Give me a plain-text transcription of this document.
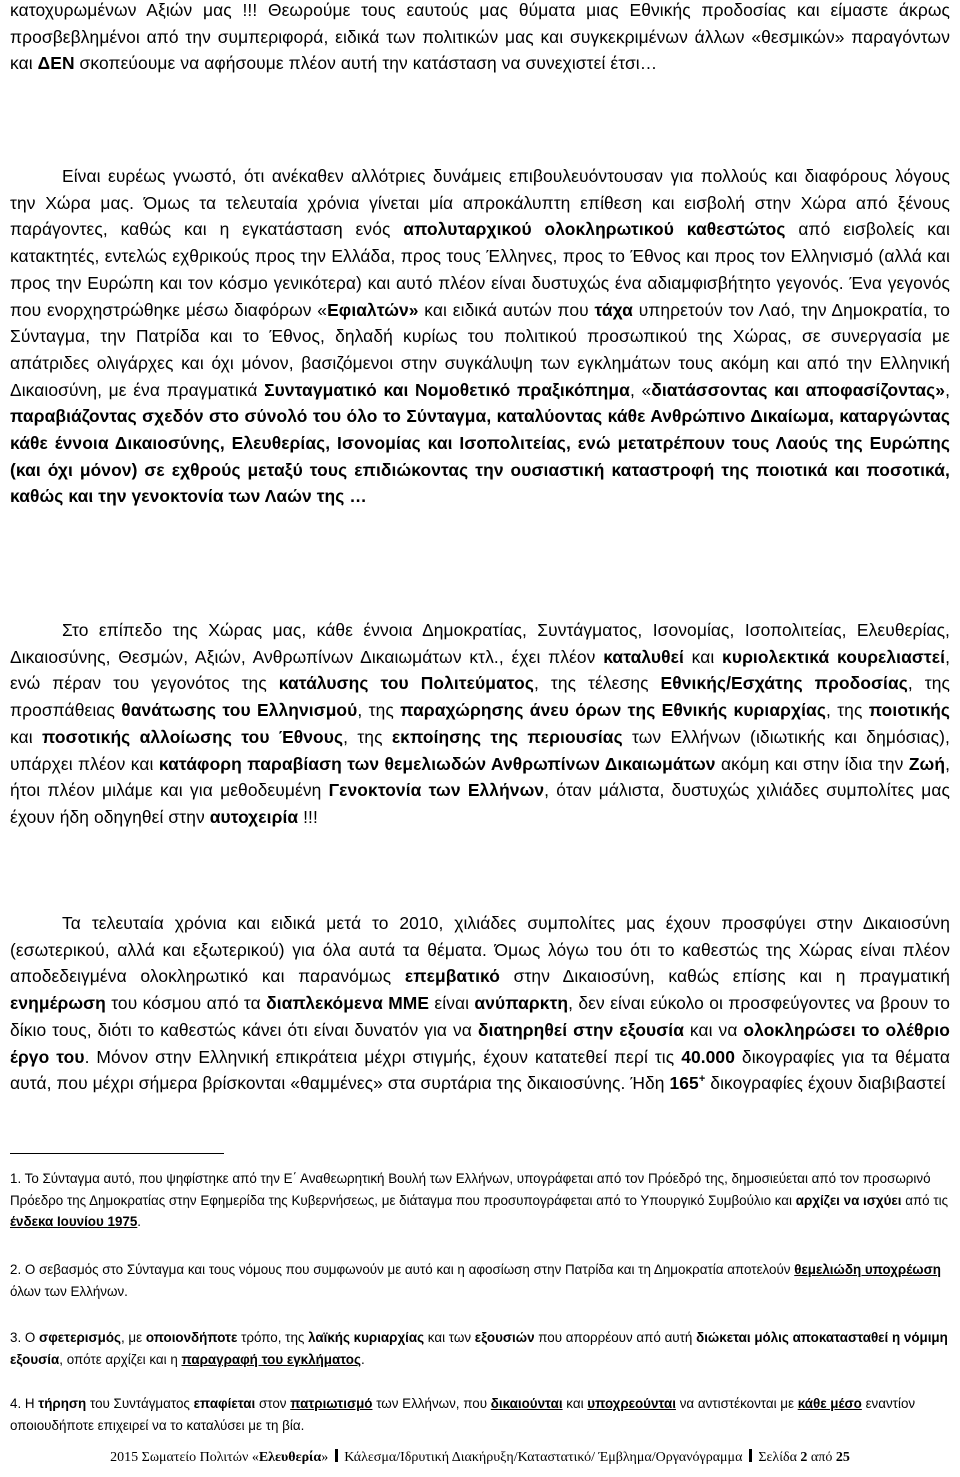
κατοχυρωμένων Αξιών μας !!! Θεωρούμε τους εαυτούς μας θύματα μιας Εθνικής προδοσίας και είμαστε άκρως προσβεβλημένοι από την συμπεριφορά, ειδικά των πολιτικών μας και συγκεκριμένων άλλων «θεσμικών» παραγόντων και ΔΕΝ σκοπεύουμε να αφήσουμε πλέον αυτή την κατάσταση να συνεχιστεί έτσι…

Είναι ευρέως γνωστό, ότι ανέκαθεν αλλότριες δυνάμεις επιβουλευόντουσαν για πολλούς και διαφόρους λόγους την Χώρα μας. Όμως τα τελευταία χρόνια γίνεται μία απροκάλυπτη επίθεση και εισβολή στην Χώρα από ξένους παράγοντες, καθώς και η εγκατάσταση ενός απολυταρχικού ολοκληρωτικού καθεστώτος από εισβολείς και κατακτητές, εντελώς εχθρικούς προς την Ελλάδα, προς τους Έλληνες, προς το Έθνος και προς τον Ελληνισμό (αλλά και προς την Ευρώπη και τον κόσμο γενικότερα) και αυτό πλέον είναι δυστυχώς ένα αδιαμφισβήτητο γεγονός. Ένα γεγονός που ενορχηστρώθηκε μέσω διαφόρων «Εφιαλτών» και ειδικά αυτών που τάχα υπηρετούν τον Λαό, την Δημοκρατία, το Σύνταγμα, την Πατρίδα και το Έθνος, δηλαδή κυρίως του πολιτικού προσωπικού της Χώρας, σε συνεργασία με απάτριδες ολιγάρχες και όχι μόνον, βασιζόμενοι στην συγκάλυψη των εγκλημάτων τους ακόμη και από την Ελληνική Δικαιοσύνη, με ένα πραγματικά Συνταγματικό και Νομοθετικό πραξικόπημα, «διατάσσοντας και αποφασίζοντας», παραβιάζοντας σχεδόν στο σύνολό του όλο το Σύνταγμα, καταλύοντας κάθε Ανθρώπινο Δικαίωμα, καταργώντας κάθε έννοια Δικαιοσύνης, Ελευθερίας, Ισονομίας και Ισοπολιτείας, ενώ μετατρέπουν τους Λαούς της Ευρώπης (και όχι μόνον) σε εχθρούς μεταξύ τους επιδιώκοντας την ουσιαστική καταστροφή της ποιοτικά και ποσοτικά, καθώς και την γενοκτονία των Λαών της …

Στο επίπεδο της Χώρας μας, κάθε έννοια Δημοκρατίας, Συντάγματος, Ισονομίας, Ισοπολιτείας, Ελευθερίας, Δικαιοσύνης, Θεσμών, Αξιών, Ανθρωπίνων Δικαιωμάτων κτλ., έχει πλέον καταλυθεί και κυριολεκτικά κουρελιαστεί, ενώ πέραν του γεγονότος της κατάλυσης του Πολιτεύματος, της τέλεσης Εθνικής/Εσχάτης προδοσίας, της προσπάθειας θανάτωσης του Ελληνισμού, της παραχώρησης άνευ όρων της Εθνικής κυριαρχίας, της ποιοτικής και ποσοτικής αλλοίωσης του Έθνους, της εκποίησης της περιουσίας των Ελλήνων (ιδιωτικής και δημόσιας), υπάρχει πλέον και κατάφορη παραβίαση των θεμελιωδών Ανθρωπίνων Δικαιωμάτων ακόμη και στην ίδια την Ζωή, ήτοι πλέον μιλάμε και για μεθοδευμένη Γενοκτονία των Ελλήνων, όταν μάλιστα, δυστυχώς χιλιάδες συμπολίτες μας έχουν ήδη οδηγηθεί στην αυτοχειρία !!!

Τα τελευταία χρόνια και ειδικά μετά το 2010, χιλιάδες συμπολίτες μας έχουν προσφύγει στην Δικαιοσύνη (εσωτερικού, αλλά και εξωτερικού) για όλα αυτά τα θέματα. Όμως λόγω του ότι το καθεστώς της Χώρας είναι πλέον αποδεδειγμένα ολοκληρωτικό και παρανόμως επεμβατικό στην Δικαιοσύνη, καθώς επίσης και η πραγματική ενημέρωση του κόσμου από τα διαπλεκόμενα ΜΜΕ είναι ανύπαρκτη, δεν είναι εύκολο οι προσφεύγοντες να βρουν το δίκιο τους, διότι το καθεστώς κάνει ότι είναι δυνατόν για να διατηρηθεί στην εξουσία και να ολοκληρώσει το ολέθριο έργο του. Μόνον στην Ελληνική επικράτεια μέχρι στιγμής, έχουν κατατεθεί περί τις 40.000 δικογραφίες για τα θέματα αυτά, που μέχρι σήμερα βρίσκονται «θαμμένες» στα συρτάρια της δικαιοσύνης. Ήδη 165+ δικογραφίες έχουν διαβιβαστεί

1. Το Σύνταγμα αυτό, που ψηφίστηκε από την Ε΄ Αναθεωρητική Βουλή των Ελλήνων, υπογράφεται από τον Πρόεδρό της, δημοσιεύεται από τον προσωρινό Πρόεδρο της Δημοκρατίας στην Εφημερίδα της Κυβερνήσεως, με διάταγμα που προσυπογράφεται από το Υπουργικό Συμβούλιο και αρχίζει να ισχύει από τις ένδεκα Ιουνίου 1975.
2. Ο σεβασμός στο Σύνταγμα και τους νόμους που συμφωνούν με αυτό και η αφοσίωση στην Πατρίδα και τη Δημοκρατία αποτελούν θεμελιώδη υποχρέωση όλων των Ελλήνων.
3. Ο σφετερισμός, με οποιονδήποτε τρόπο, της λαϊκής κυριαρχίας και των εξουσιών που απορρέουν από αυτή διώκεται μόλις αποκατασταθεί η νόμιμη εξουσία, οπότε αρχίζει και η παραγραφή του εγκλήματος.
4. Η τήρηση του Συντάγματος επαφίεται στον πατριωτισμό των Ελλήνων, που δικαιούνται και υποχρεούνται να αντιστέκονται με κάθε μέσο εναντίον οποιουδήποτε επιχειρεί να το καταλύσει με τη βία.
2015 Σωματείο Πολιτών «Ελευθερία»  Κάλεσμα/Ιδρυτική Διακήρυξη/Καταστατικό/ Έμβλημα/Οργανόγραμμα  Σελίδα 2 από 25
